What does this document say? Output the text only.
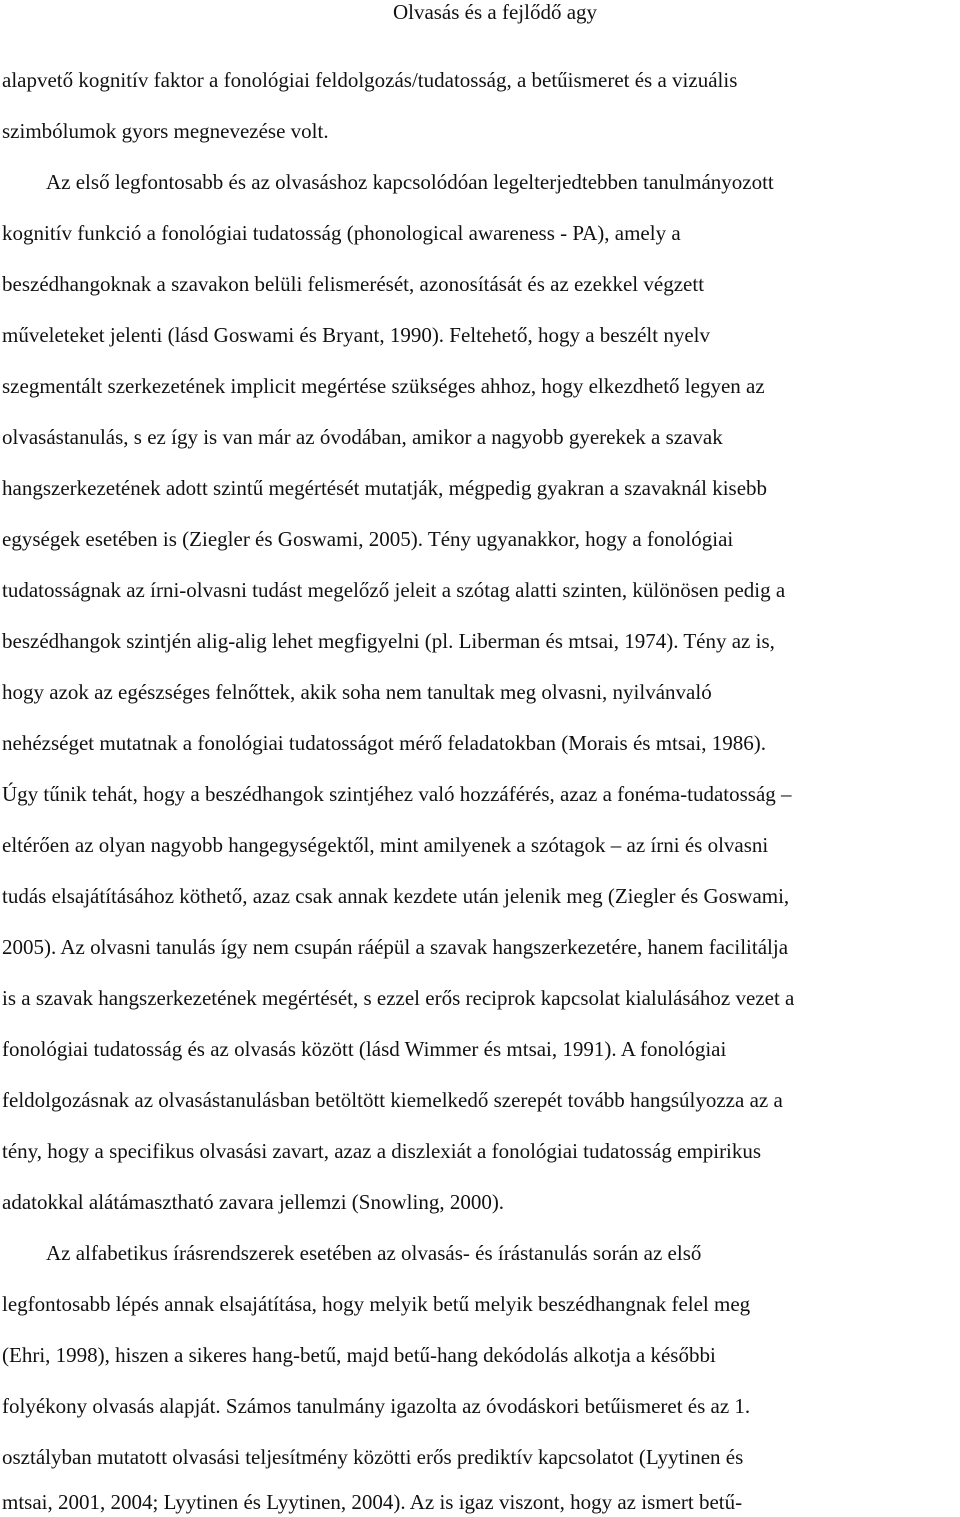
Olvasás és a fejlődő agy
alapvető kognitív faktor a fonológiai feldolgozás/tudatosság, a betűismeret és a vizuális
szimbólumok gyors megnevezése volt.
Az első legfontosabb és az olvasáshoz kapcsolódóan legelterjedtebben tanulmányozott
kognitív funkció a fonológiai tudatosság (phonological awareness - PA), amely a
beszédhangoknak a szavakon belüli felismerését, azonosítását és az ezekkel végzett
műveleteket jelenti (lásd Goswami és Bryant, 1990). Feltehető, hogy a beszélt nyelv
szegmentált szerkezetének implicit megértése szükséges ahhoz, hogy elkezdhető legyen az
olvasástanulás, s ez így is van már az óvodában, amikor a nagyobb gyerekek a szavak
hangszerkezetének adott szintű megértését mutatják, mégpedig gyakran a szavaknál kisebb
egységek esetében is (Ziegler és Goswami, 2005). Tény ugyanakkor, hogy a fonológiai
tudatosságnak az írni-olvasni tudást megelőző jeleit a szótag alatti szinten, különösen pedig a
beszédhangok szintjén alig-alig lehet megfigyelni (pl. Liberman és mtsai, 1974). Tény az is,
hogy azok az egészséges felnőttek, akik soha nem tanultak meg olvasni, nyilvánvaló
nehézséget mutatnak a fonológiai tudatosságot mérő feladatokban (Morais és mtsai, 1986).
Úgy tűnik tehát, hogy a beszédhangok szintjéhez való hozzáférés, azaz a fonéma-tudatosság –
eltérően az olyan nagyobb hangegységektől, mint amilyenek a szótagok – az írni és olvasni
tudás elsajátításához köthető, azaz csak annak kezdete után jelenik meg (Ziegler és Goswami,
2005). Az olvasni tanulás így nem csupán ráépül a szavak hangszerkezetére, hanem facilitálja
is a szavak hangszerkezetének megértését, s ezzel erős reciprok kapcsolat kialulásához vezet a
fonológiai tudatosság és az olvasás között (lásd Wimmer és mtsai, 1991). A fonológiai
feldolgozásnak az olvasástanulásban betöltött kiemelkedő szerepét tovább hangsúlyozza az a
tény, hogy a specifikus olvasási zavart, azaz a diszlexiát a fonológiai tudatosság empirikus
adatokkal alátámasztható zavara jellemzi (Snowling, 2000).
Az alfabetikus írásrendszerek esetében az olvasás- és írástanulás során az első
legfontosabb lépés annak elsajátítása, hogy melyik betű melyik beszédhangnak felel meg
(Ehri, 1998), hiszen a sikeres hang-betű, majd betű-hang dekódolás alkotja a későbbi
folyékony olvasás alapját. Számos tanulmány igazolta az óvodáskori betűismeret és az 1.
osztályban mutatott olvasási teljesítmény közötti erős prediktív kapcsolatot (Lyytinen és
mtsai, 2001, 2004; Lyytinen és Lyytinen, 2004). Az is igaz viszont, hogy az ismert betű-
